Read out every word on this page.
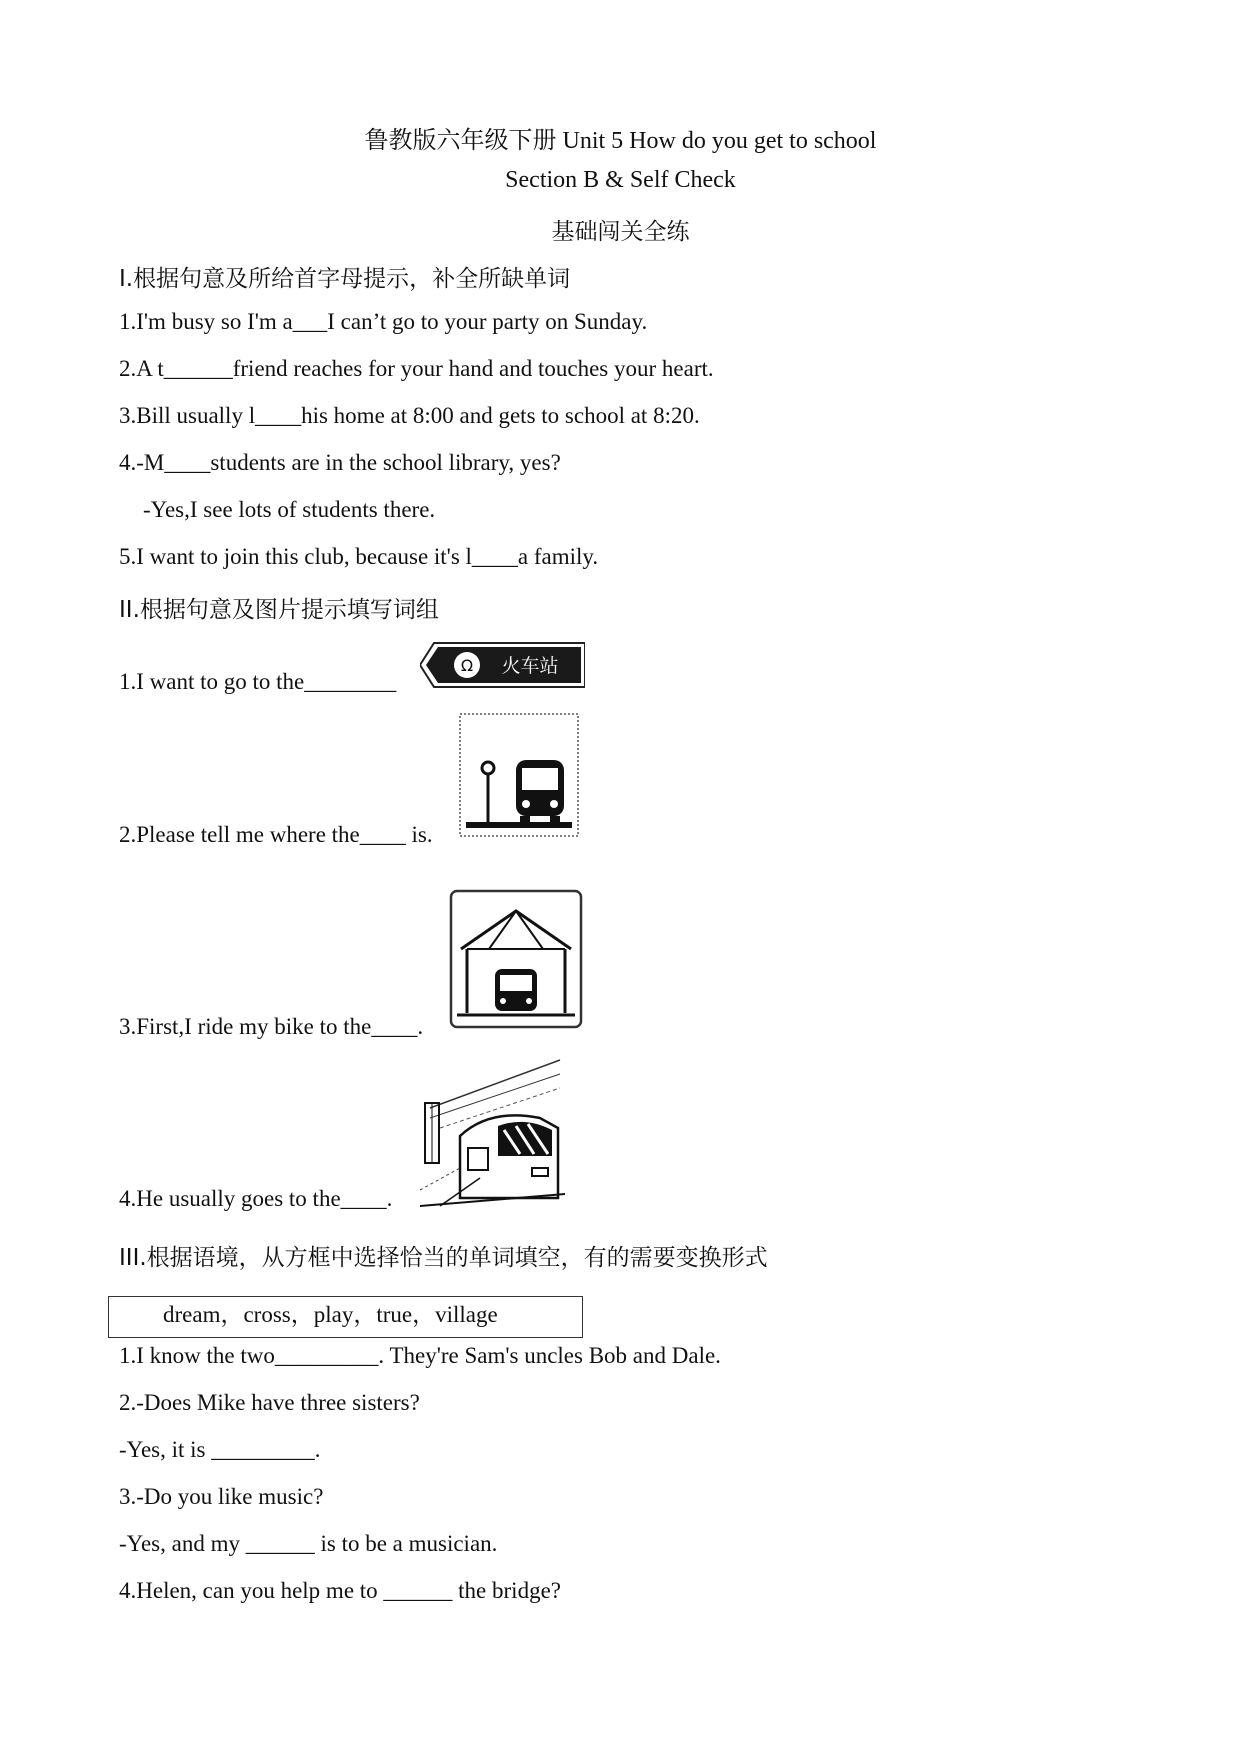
鲁教版六年级下册 Unit 5 How do you get to school
Section B & Self Check
基础闯关全练
I.根据句意及所给首字母提示，补全所缺单词
1.I'm busy so I'm a___I can’t go to your party on Sunday.
2.A t______friend reaches for your hand and touches your heart.
3.Bill usually l____his home at 8:00 and gets to school at 8:20.
4.-M____students are in the school library, yes?
-Yes,I see lots of students there.
5.I want to join this club, because it's l____a family.
II.根据句意及图片提示填写词组
1.I want to go to the________
Ω 火车站
2.Please tell me where the____ is.
3.First,I ride my bike to the____.
4.He usually goes to the____.
III.根据语境，从方框中选择恰当的单词填空，有的需要变换形式
dream，cross，play，true，village
1.I know the two_________. They're Sam's uncles Bob and Dale.
2.-Does Mike have three sisters?
-Yes, it is _________.
3.-Do you like music?
-Yes, and my ______ is to be a musician.
4.Helen, can you help me to ______ the bridge?
